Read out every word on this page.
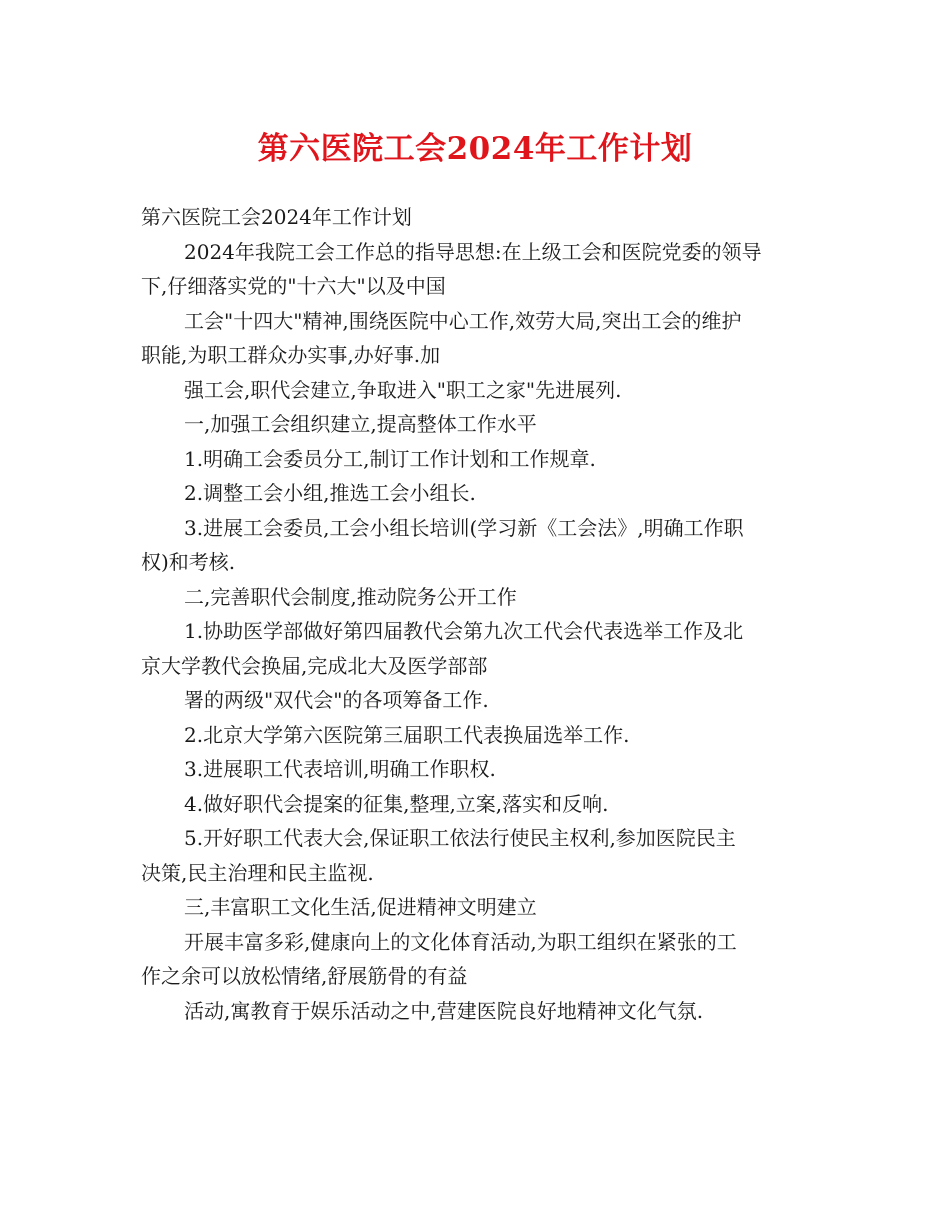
第六医院工会2024年工作计划

第六医院工会2024年工作计划

2024年我院工会工作总的指导思想:在上级工会和医院党委的领导

下,仔细落实党的"十六大"以及中国

工会"十四大"精神,围绕医院中心工作,效劳大局,突出工会的维护

职能,为职工群众办实事,办好事.加

强工会,职代会建立,争取进入"职工之家"先进展列.

一,加强工会组织建立,提高整体工作水平

1.明确工会委员分工,制订工作计划和工作规章.

2.调整工会小组,推选工会小组长.

3.进展工会委员,工会小组长培训(学习新《工会法》,明确工作职

权)和考核.

二,完善职代会制度,推动院务公开工作

1.协助医学部做好第四届教代会第九次工代会代表选举工作及北

京大学教代会换届,完成北大及医学部部

署的两级"双代会"的各项筹备工作.

2.北京大学第六医院第三届职工代表换届选举工作.

3.进展职工代表培训,明确工作职权.

4.做好职代会提案的征集,整理,立案,落实和反响.

5.开好职工代表大会,保证职工依法行使民主权利,参加医院民主

决策,民主治理和民主监视.

三,丰富职工文化生活,促进精神文明建立

开展丰富多彩,健康向上的文化体育活动,为职工组织在紧张的工

作之余可以放松情绪,舒展筋骨的有益

活动,寓教育于娱乐活动之中,营建医院良好地精神文化气氛.
